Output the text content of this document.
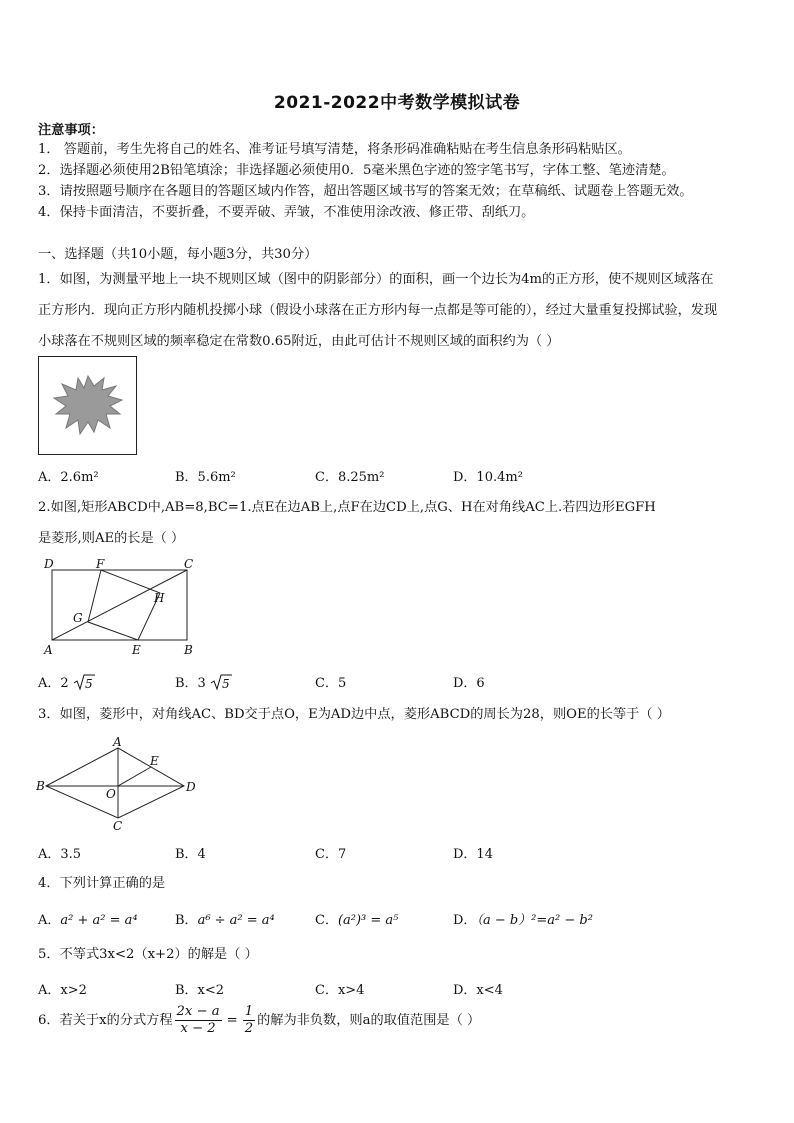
2021-2022中考数学模拟试卷
注意事项：
1． 答题前，考生先将自己的姓名、准考证号填写清楚，将条形码准确粘贴在考生信息条形码粘贴区。
2．选择题必须使用2B铅笔填涂；非选择题必须使用0．5毫米黑色字迹的签字笔书写，字体工整、笔迹清楚。
3．请按照题号顺序在各题目的答题区域内作答，超出答题区域书写的答案无效；在草稿纸、试题卷上答题无效。
4．保持卡面清洁，不要折叠，不要弄破、弄皱，不准使用涂改液、修正带、刮纸刀。
一、选择题（共10小题，每小题3分，共30分）
1．如图，为测量平地上一块不规则区域（图中的阴影部分）的面积，画一个边长为4m的正方形，使不规则区域落在
正方形内．现向正方形内随机投掷小球（假设小球落在正方形内每一点都是等可能的），经过大量重复投掷试验，发现
小球落在不规则区域的频率稳定在常数0.65附近，由此可估计不规则区域的面积约为（ ）
A．2.6m²	B．5.6m²	C．8.25m²	D．10.4m²
2.如图,矩形ABCD中,AB=8,BC=1.点E在边AB上,点F在边CD上,点G、H在对角线AC上.若四边形EGFH
是菱形,则AE的长是（ ）
D	F	C
G
H
A	E	B
A．2 5	B．3 5	C．5	D．6
3．如图，菱形中，对角线AC、BD交于点O，E为AD边中点，菱形ABCD的周长为28，则OE的长等于（ ）
A
B
C
D
E
O
A．3.5	B．4	C．7	D．14
4．下列计算正确的是
A．a² + a² = a⁴	B．a⁶ ÷ a² = a⁴	C．(a²)³ = a⁵	D．（a − b）²=a² − b²
5．不等式3x<2（x+2）的解是（ ）
A．x>2	B．x<2	C．x>4	D．x<4
6．若关于x的分式方程 $\frac{2x - a}{x - 2} = \frac{1}{2}$ 的解为非负数，则a的取值范围是（ ）
